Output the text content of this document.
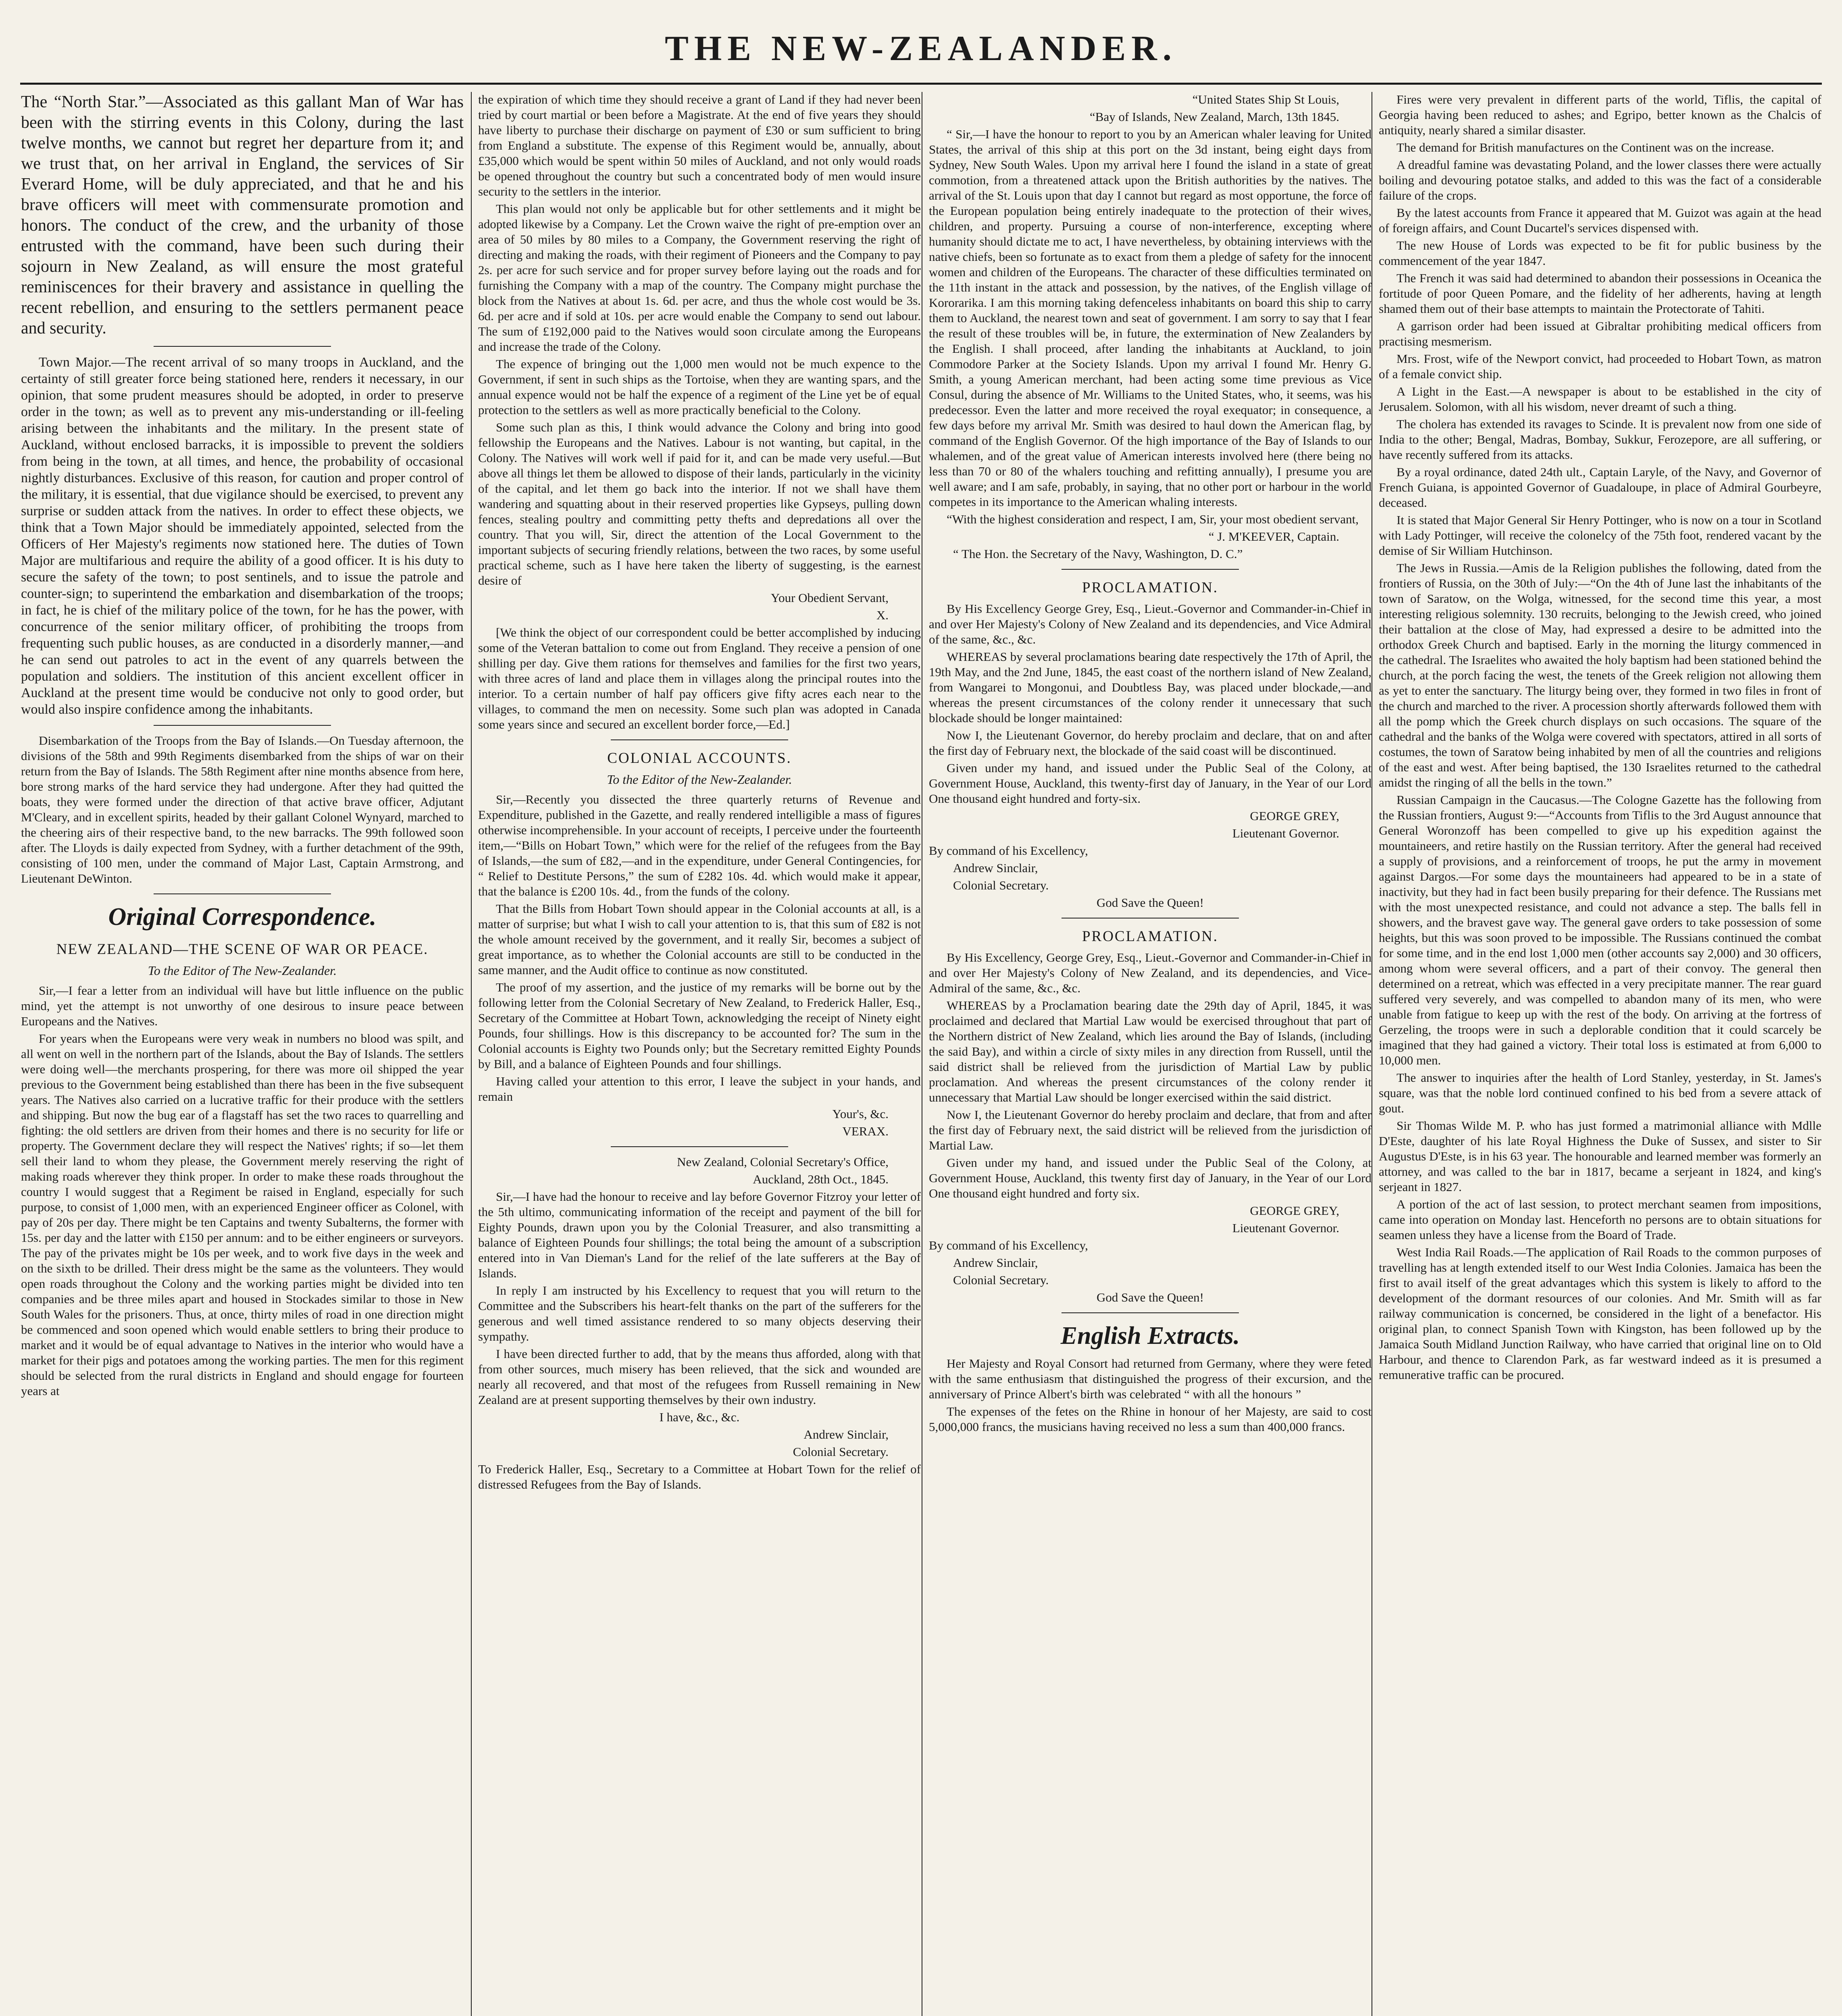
THE NEW-ZEALANDER.
The “North Star.”—Associated as this gallant Man of War has been with the stirring events in this Colony, during the last twelve months, we cannot but regret her departure from it; and we trust that, on her arrival in England, the services of Sir Everard Home, will be duly appreciated, and that he and his brave officers will meet with commensurate promotion and honors. The conduct of the crew, and the urbanity of those entrusted with the command, have been such during their sojourn in New Zealand, as will ensure the most grateful reminiscences for their bravery and assistance in quelling the recent rebellion, and ensuring to the settlers permanent peace and security.
Town Major.—The recent arrival of so many troops in Auckland, and the certainty of still greater force being stationed here, renders it necessary, in our opinion, that some prudent measures should be adopted, in order to preserve order in the town; as well as to prevent any mis-understanding or ill-feeling arising between the inhabitants and the military. In the present state of Auckland, without enclosed barracks, it is impossible to prevent the soldiers from being in the town, at all times, and hence, the probability of occasional nightly disturbances. Exclusive of this reason, for caution and proper control of the military, it is essential, that due vigilance should be exercised, to prevent any surprise or sudden attack from the natives. In order to effect these objects, we think that a Town Major should be immediately appointed, selected from the Officers of Her Majesty's regiments now stationed here. The duties of Town Major are multifarious and require the ability of a good officer. It is his duty to secure the safety of the town; to post sentinels, and to issue the patrole and counter-sign; to superintend the embarkation and disembarkation of the troops; in fact, he is chief of the military police of the town, for he has the power, with concurrence of the senior military officer, of prohibiting the troops from frequenting such public houses, as are conducted in a disorderly manner,—and he can send out patroles to act in the event of any quarrels between the population and soldiers. The institution of this ancient excellent officer in Auckland at the present time would be conducive not only to good order, but would also inspire confidence among the inhabitants.
Disembarkation of the Troops from the Bay of Islands.—On Tuesday afternoon, the divisions of the 58th and 99th Regiments disembarked from the ships of war on their return from the Bay of Islands. The 58th Regiment after nine months absence from here, bore strong marks of the hard service they had undergone. After they had quitted the boats, they were formed under the direction of that active brave officer, Adjutant M'Cleary, and in excellent spirits, headed by their gallant Colonel Wynyard, marched to the cheering airs of their respective band, to the new barracks. The 99th followed soon after. The Lloyds is daily expected from Sydney, with a further detachment of the 99th, consisting of 100 men, under the command of Major Last, Captain Armstrong, and Lieutenant DeWinton.
Original Correspondence.
NEW ZEALAND—THE SCENE OF WAR OR PEACE.
To the Editor of The New-Zealander.
Sir,—I fear a letter from an individual will have but little influence on the public mind, yet the attempt is not unworthy of one desirous to insure peace between Europeans and the Natives.
For years when the Europeans were very weak in numbers no blood was spilt, and all went on well in the northern part of the Islands, about the Bay of Islands. The settlers were doing well—the merchants prospering, for there was more oil shipped the year previous to the Government being established than there has been in the five subsequent years. The Natives also carried on a lucrative traffic for their produce with the settlers and shipping. But now the bug ear of a flagstaff has set the two races to quarrelling and fighting: the old settlers are driven from their homes and there is no security for life or property. The Government declare they will respect the Natives' rights; if so—let them sell their land to whom they please, the Government merely reserving the right of making roads wherever they think proper. In order to make these roads throughout the country I would suggest that a Regiment be raised in England, especially for such purpose, to consist of 1,000 men, with an experienced Engineer officer as Colonel, with pay of 20s per day. There might be ten Captains and twenty Subalterns, the former with 15s. per day and the latter with £150 per annum: and to be either engineers or surveyors. The pay of the privates might be 10s per week, and to work five days in the week and on the sixth to be drilled. Their dress might be the same as the volunteers. They would open roads throughout the Colony and the working parties might be divided into ten companies and be three miles apart and housed in Stockades similar to those in New South Wales for the prisoners. Thus, at once, thirty miles of road in one direction might be commenced and soon opened which would enable settlers to bring their produce to market and it would be of equal advantage to Natives in the interior who would have a market for their pigs and potatoes among the working parties. The men for this regiment should be selected from the rural districts in England and should engage for fourteen years at
the expiration of which time they should receive a grant of Land if they had never been tried by court martial or been before a Magistrate. At the end of five years they should have liberty to purchase their discharge on payment of £30 or sum sufficient to bring from England a substitute. The expense of this Regiment would be, annually, about £35,000 which would be spent within 50 miles of Auckland, and not only would roads be opened throughout the country but such a concentrated body of men would insure security to the settlers in the interior.
This plan would not only be applicable but for other settlements and it might be adopted likewise by a Company. Let the Crown waive the right of pre-emption over an area of 50 miles by 80 miles to a Company, the Government reserving the right of directing and making the roads, with their regiment of Pioneers and the Company to pay 2s. per acre for such service and for proper survey before laying out the roads and for furnishing the Company with a map of the country. The Company might purchase the block from the Natives at about 1s. 6d. per acre, and thus the whole cost would be 3s. 6d. per acre and if sold at 10s. per acre would enable the Company to send out labour. The sum of £192,000 paid to the Natives would soon circulate among the Europeans and increase the trade of the Colony.
The expence of bringing out the 1,000 men would not be much expence to the Government, if sent in such ships as the Tortoise, when they are wanting spars, and the annual expence would not be half the expence of a regiment of the Line yet be of equal protection to the settlers as well as more practically beneficial to the Colony.
Some such plan as this, I think would advance the Colony and bring into good fellowship the Europeans and the Natives. Labour is not wanting, but capital, in the Colony. The Natives will work well if paid for it, and can be made very useful.—But above all things let them be allowed to dispose of their lands, particularly in the vicinity of the capital, and let them go back into the interior. If not we shall have them wandering and squatting about in their reserved properties like Gypseys, pulling down fences, stealing poultry and committing petty thefts and depredations all over the country. That you will, Sir, direct the attention of the Local Government to the important subjects of securing friendly relations, between the two races, by some useful practical scheme, such as I have here taken the liberty of suggesting, is the earnest desire of
Your Obedient Servant,
X.
[We think the object of our correspondent could be better accomplished by inducing some of the Veteran battalion to come out from England. They receive a pension of one shilling per day. Give them rations for themselves and families for the first two years, with three acres of land and place them in villages along the principal routes into the interior. To a certain number of half pay officers give fifty acres each near to the villages, to command the men on necessity. Some such plan was adopted in Canada some years since and secured an excellent border force,—Ed.]
COLONIAL ACCOUNTS.
To the Editor of the New-Zealander.
Sir,—Recently you dissected the three quarterly returns of Revenue and Expenditure, published in the Gazette, and really rendered intelligible a mass of figures otherwise incomprehensible. In your account of receipts, I perceive under the fourteenth item,—“Bills on Hobart Town,” which were for the relief of the refugees from the Bay of Islands,—the sum of £82,—and in the expenditure, under General Contingencies, for “ Relief to Destitute Persons,” the sum of £282 10s. 4d. which would make it appear, that the balance is £200 10s. 4d., from the funds of the colony.
That the Bills from Hobart Town should appear in the Colonial accounts at all, is a matter of surprise; but what I wish to call your attention to is, that this sum of £82 is not the whole amount received by the government, and it really Sir, becomes a subject of great importance, as to whether the Colonial accounts are still to be conducted in the same manner, and the Audit office to continue as now constituted.
The proof of my assertion, and the justice of my remarks will be borne out by the following letter from the Colonial Secretary of New Zealand, to Frederick Haller, Esq., Secretary of the Committee at Hobart Town, acknowledging the receipt of Ninety eight Pounds, four shillings. How is this discrepancy to be accounted for? The sum in the Colonial accounts is Eighty two Pounds only; but the Secretary remitted Eighty Pounds by Bill, and a balance of Eighteen Pounds and four shillings.
Having called your attention to this error, I leave the subject in your hands, and remain
Your's, &c.
VERAX.
New Zealand, Colonial Secretary's Office,
Auckland, 28th Oct., 1845.
Sir,—I have had the honour to receive and lay before Governor Fitzroy your letter of the 5th ultimo, communicating information of the receipt and payment of the bill for Eighty Pounds, drawn upon you by the Colonial Treasurer, and also transmitting a balance of Eighteen Pounds four shillings; the total being the amount of a subscription entered into in Van Dieman's Land for the relief of the late sufferers at the Bay of Islands.
In reply I am instructed by his Excellency to request that you will return to the Committee and the Subscribers his heart-felt thanks on the part of the sufferers for the generous and well timed assistance rendered to so many objects deserving their sympathy.
I have been directed further to add, that by the means thus afforded, along with that from other sources, much misery has been relieved, that the sick and wounded are nearly all recovered, and that most of the refugees from Russell remaining in New Zealand are at present supporting themselves by their own industry.
I have, &c., &c.
Andrew Sinclair,
Colonial Secretary.
To Frederick Haller, Esq., Secretary to a Committee at Hobart Town for the relief of distressed Refugees from the Bay of Islands.
“United States Ship St Louis,
“Bay of Islands, New Zealand, March, 13th 1845.
“ Sir,—I have the honour to report to you by an American whaler leaving for United States, the arrival of this ship at this port on the 3d instant, being eight days from Sydney, New South Wales. Upon my arrival here I found the island in a state of great commotion, from a threatened attack upon the British authorities by the natives. The arrival of the St. Louis upon that day I cannot but regard as most opportune, the force of the European population being entirely inadequate to the protection of their wives, children, and property. Pursuing a course of non-interference, excepting where humanity should dictate me to act, I have nevertheless, by obtaining interviews with the native chiefs, been so fortunate as to exact from them a pledge of safety for the innocent women and children of the Europeans. The character of these difficulties terminated on the 11th instant in the attack and possession, by the natives, of the English village of Kororarika. I am this morning taking defenceless inhabitants on board this ship to carry them to Auckland, the nearest town and seat of government. I am sorry to say that I fear the result of these troubles will be, in future, the extermination of New Zealanders by the English. I shall proceed, after landing the inhabitants at Auckland, to join Commodore Parker at the Society Islands. Upon my arrival I found Mr. Henry G. Smith, a young American merchant, had been acting some time previous as Vice Consul, during the absence of Mr. Williams to the United States, who, it seems, was his predecessor. Even the latter and more received the royal exequator; in consequence, a few days before my arrival Mr. Smith was desired to haul down the American flag, by command of the English Governor. Of the high importance of the Bay of Islands to our whalemen, and of the great value of American interests involved here (there being no less than 70 or 80 of the whalers touching and refitting annually), I presume you are well aware; and I am safe, probably, in saying, that no other port or harbour in the world competes in its importance to the American whaling interests.
“With the highest consideration and respect, I am, Sir, your most obedient servant,
“ J. M'KEEVER, Captain.
“ The Hon. the Secretary of the Navy, Washington, D. C.”
PROCLAMATION.
By His Excellency George Grey, Esq., Lieut.-Governor and Commander-in-Chief in and over Her Majesty's Colony of New Zealand and its dependencies, and Vice Admiral of the same, &c., &c.
WHEREAS by several proclamations bearing date respectively the 17th of April, the 19th May, and the 2nd June, 1845, the east coast of the northern island of New Zealand, from Wangarei to Mongonui, and Doubtless Bay, was placed under blockade,—and whereas the present circumstances of the colony render it unnecessary that such blockade should be longer maintained:
Now I, the Lieutenant Governor, do hereby proclaim and declare, that on and after the first day of February next, the blockade of the said coast will be discontinued.
Given under my hand, and issued under the Public Seal of the Colony, at Government House, Auckland, this twenty-first day of January, in the Year of our Lord One thousand eight hundred and forty-six.
GEORGE GREY,
Lieutenant Governor.
By command of his Excellency,
Andrew Sinclair,
Colonial Secretary.
God Save the Queen!
PROCLAMATION.
By His Excellency, George Grey, Esq., Lieut.-Governor and Commander-in-Chief in and over Her Majesty's Colony of New Zealand, and its dependencies, and Vice-Admiral of the same, &c., &c.
WHEREAS by a Proclamation bearing date the 29th day of April, 1845, it was proclaimed and declared that Martial Law would be exercised throughout that part of the Northern district of New Zealand, which lies around the Bay of Islands, (including the said Bay), and within a circle of sixty miles in any direction from Russell, until the said district shall be relieved from the jurisdiction of Martial Law by public proclamation. And whereas the present circumstances of the colony render it unnecessary that Martial Law should be longer exercised within the said district.
Now I, the Lieutenant Governor do hereby proclaim and declare, that from and after the first day of February next, the said district will be relieved from the jurisdiction of Martial Law.
Given under my hand, and issued under the Public Seal of the Colony, at Government House, Auckland, this twenty first day of January, in the Year of our Lord One thousand eight hundred and forty six.
GEORGE GREY,
Lieutenant Governor.
By command of his Excellency,
Andrew Sinclair,
Colonial Secretary.
God Save the Queen!
English Extracts.
Her Majesty and Royal Consort had returned from Germany, where they were feted with the same enthusiasm that distinguished the progress of their excursion, and the anniversary of Prince Albert's birth was celebrated “ with all the honours ”
The expenses of the fetes on the Rhine in honour of her Majesty, are said to cost 5,000,000 francs, the musicians having received no less a sum than 400,000 francs.
Fires were very prevalent in different parts of the world, Tiflis, the capital of Georgia having been reduced to ashes; and Egripo, better known as the Chalcis of antiquity, nearly shared a similar disaster.
The demand for British manufactures on the Continent was on the increase.
A dreadful famine was devastating Poland, and the lower classes there were actually boiling and devouring potatoe stalks, and added to this was the fact of a considerable failure of the crops.
By the latest accounts from France it appeared that M. Guizot was again at the head of foreign affairs, and Count Ducartel's services dispensed with.
The new House of Lords was expected to be fit for public business by the commencement of the year 1847.
The French it was said had determined to abandon their possessions in Oceanica the fortitude of poor Queen Pomare, and the fidelity of her adherents, having at length shamed them out of their base attempts to maintain the Protectorate of Tahiti.
A garrison order had been issued at Gibraltar prohibiting medical officers from practising mesmerism.
Mrs. Frost, wife of the Newport convict, had proceeded to Hobart Town, as matron of a female convict ship.
A Light in the East.—A newspaper is about to be established in the city of Jerusalem. Solomon, with all his wisdom, never dreamt of such a thing.
The cholera has extended its ravages to Scinde. It is prevalent now from one side of India to the other; Bengal, Madras, Bombay, Sukkur, Ferozepore, are all suffering, or have recently suffered from its attacks.
By a royal ordinance, dated 24th ult., Captain Laryle, of the Navy, and Governor of French Guiana, is appointed Governor of Guadaloupe, in place of Admiral Gourbeyre, deceased.
It is stated that Major General Sir Henry Pottinger, who is now on a tour in Scotland with Lady Pottinger, will receive the colonelcy of the 75th foot, rendered vacant by the demise of Sir William Hutchinson.
The Jews in Russia.—Amis de la Religion publishes the following, dated from the frontiers of Russia, on the 30th of July:—“On the 4th of June last the inhabitants of the town of Saratow, on the Wolga, witnessed, for the second time this year, a most interesting religious solemnity. 130 recruits, belonging to the Jewish creed, who joined their battalion at the close of May, had expressed a desire to be admitted into the orthodox Greek Church and baptised. Early in the morning the liturgy commenced in the cathedral. The Israelites who awaited the holy baptism had been stationed behind the church, at the porch facing the west, the tenets of the Greek religion not allowing them as yet to enter the sanctuary. The liturgy being over, they formed in two files in front of the church and marched to the river. A procession shortly afterwards followed them with all the pomp which the Greek church displays on such occasions. The square of the cathedral and the banks of the Wolga were covered with spectators, attired in all sorts of costumes, the town of Saratow being inhabited by men of all the countries and religions of the east and west. After being baptised, the 130 Israelites returned to the cathedral amidst the ringing of all the bells in the town.”
Russian Campaign in the Caucasus.—The Cologne Gazette has the following from the Russian frontiers, August 9:—“Accounts from Tiflis to the 3rd August announce that General Woronzoff has been compelled to give up his expedition against the mountaineers, and retire hastily on the Russian territory. After the general had received a supply of provisions, and a reinforcement of troops, he put the army in movement against Dargos.—For some days the mountaineers had appeared to be in a state of inactivity, but they had in fact been busily preparing for their defence. The Russians met with the most unexpected resistance, and could not advance a step. The balls fell in showers, and the bravest gave way. The general gave orders to take possession of some heights, but this was soon proved to be impossible. The Russians continued the combat for some time, and in the end lost 1,000 men (other accounts say 2,000) and 30 officers, among whom were several officers, and a part of their convoy. The general then determined on a retreat, which was effected in a very precipitate manner. The rear guard suffered very severely, and was compelled to abandon many of its men, who were unable from fatigue to keep up with the rest of the body. On arriving at the fortress of Gerzeling, the troops were in such a deplorable condition that it could scarcely be imagined that they had gained a victory. Their total loss is estimated at from 6,000 to 10,000 men.
The answer to inquiries after the health of Lord Stanley, yesterday, in St. James's square, was that the noble lord continued confined to his bed from a severe attack of gout.
Sir Thomas Wilde M. P. who has just formed a matrimonial alliance with Mdlle D'Este, daughter of his late Royal Highness the Duke of Sussex, and sister to Sir Augustus D'Este, is in his 63 year. The honourable and learned member was formerly an attorney, and was called to the bar in 1817, became a serjeant in 1824, and king's serjeant in 1827.
A portion of the act of last session, to protect merchant seamen from impositions, came into operation on Monday last. Henceforth no persons are to obtain situations for seamen unless they have a license from the Board of Trade.
West India Rail Roads.—The application of Rail Roads to the common purposes of travelling has at length extended itself to our West India Colonies. Jamaica has been the first to avail itself of the great advantages which this system is likely to afford to the development of the dormant resources of our colonies. And Mr. Smith will as far railway communication is concerned, be considered in the light of a benefactor. His original plan, to connect Spanish Town with Kingston, has been followed up by the Jamaica South Midland Junction Railway, who have carried that original line on to Old Harbour, and thence to Clarendon Park, as far westward indeed as it is presumed a remunerative traffic can be procured.
